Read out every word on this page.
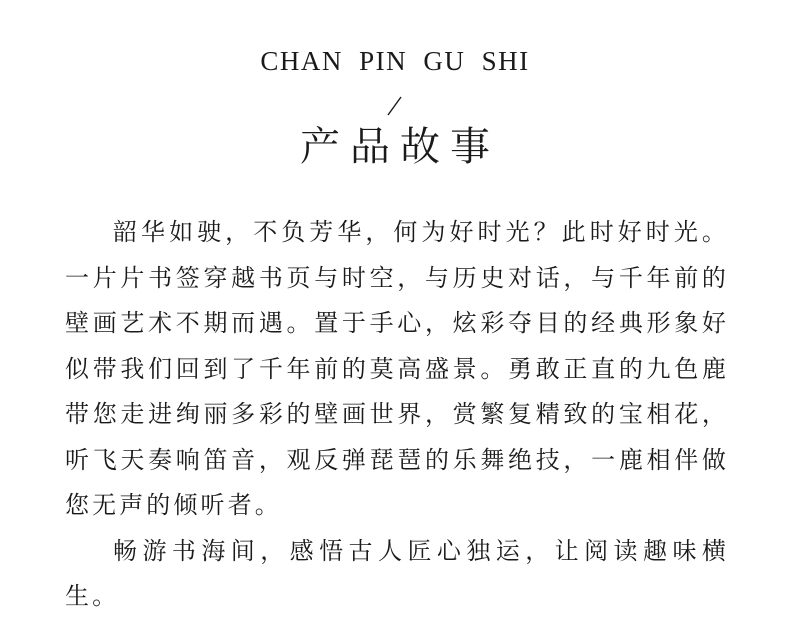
CHAN PIN GU SHI
产品故事

韶华如驶，不负芳华，何为好时光？此时好时光。一片片书签穿越书页与时空，与历史对话，与千年前的壁画艺术不期而遇。置于手心，炫彩夺目的经典形象好似带我们回到了千年前的莫高盛景。勇敢正直的九色鹿带您走进绚丽多彩的壁画世界，赏繁复精致的宝相花，听飞天奏响笛音，观反弹琵琶的乐舞绝技，一鹿相伴做您无声的倾听者。

畅游书海间，感悟古人匠心独运，让阅读趣味横生。
